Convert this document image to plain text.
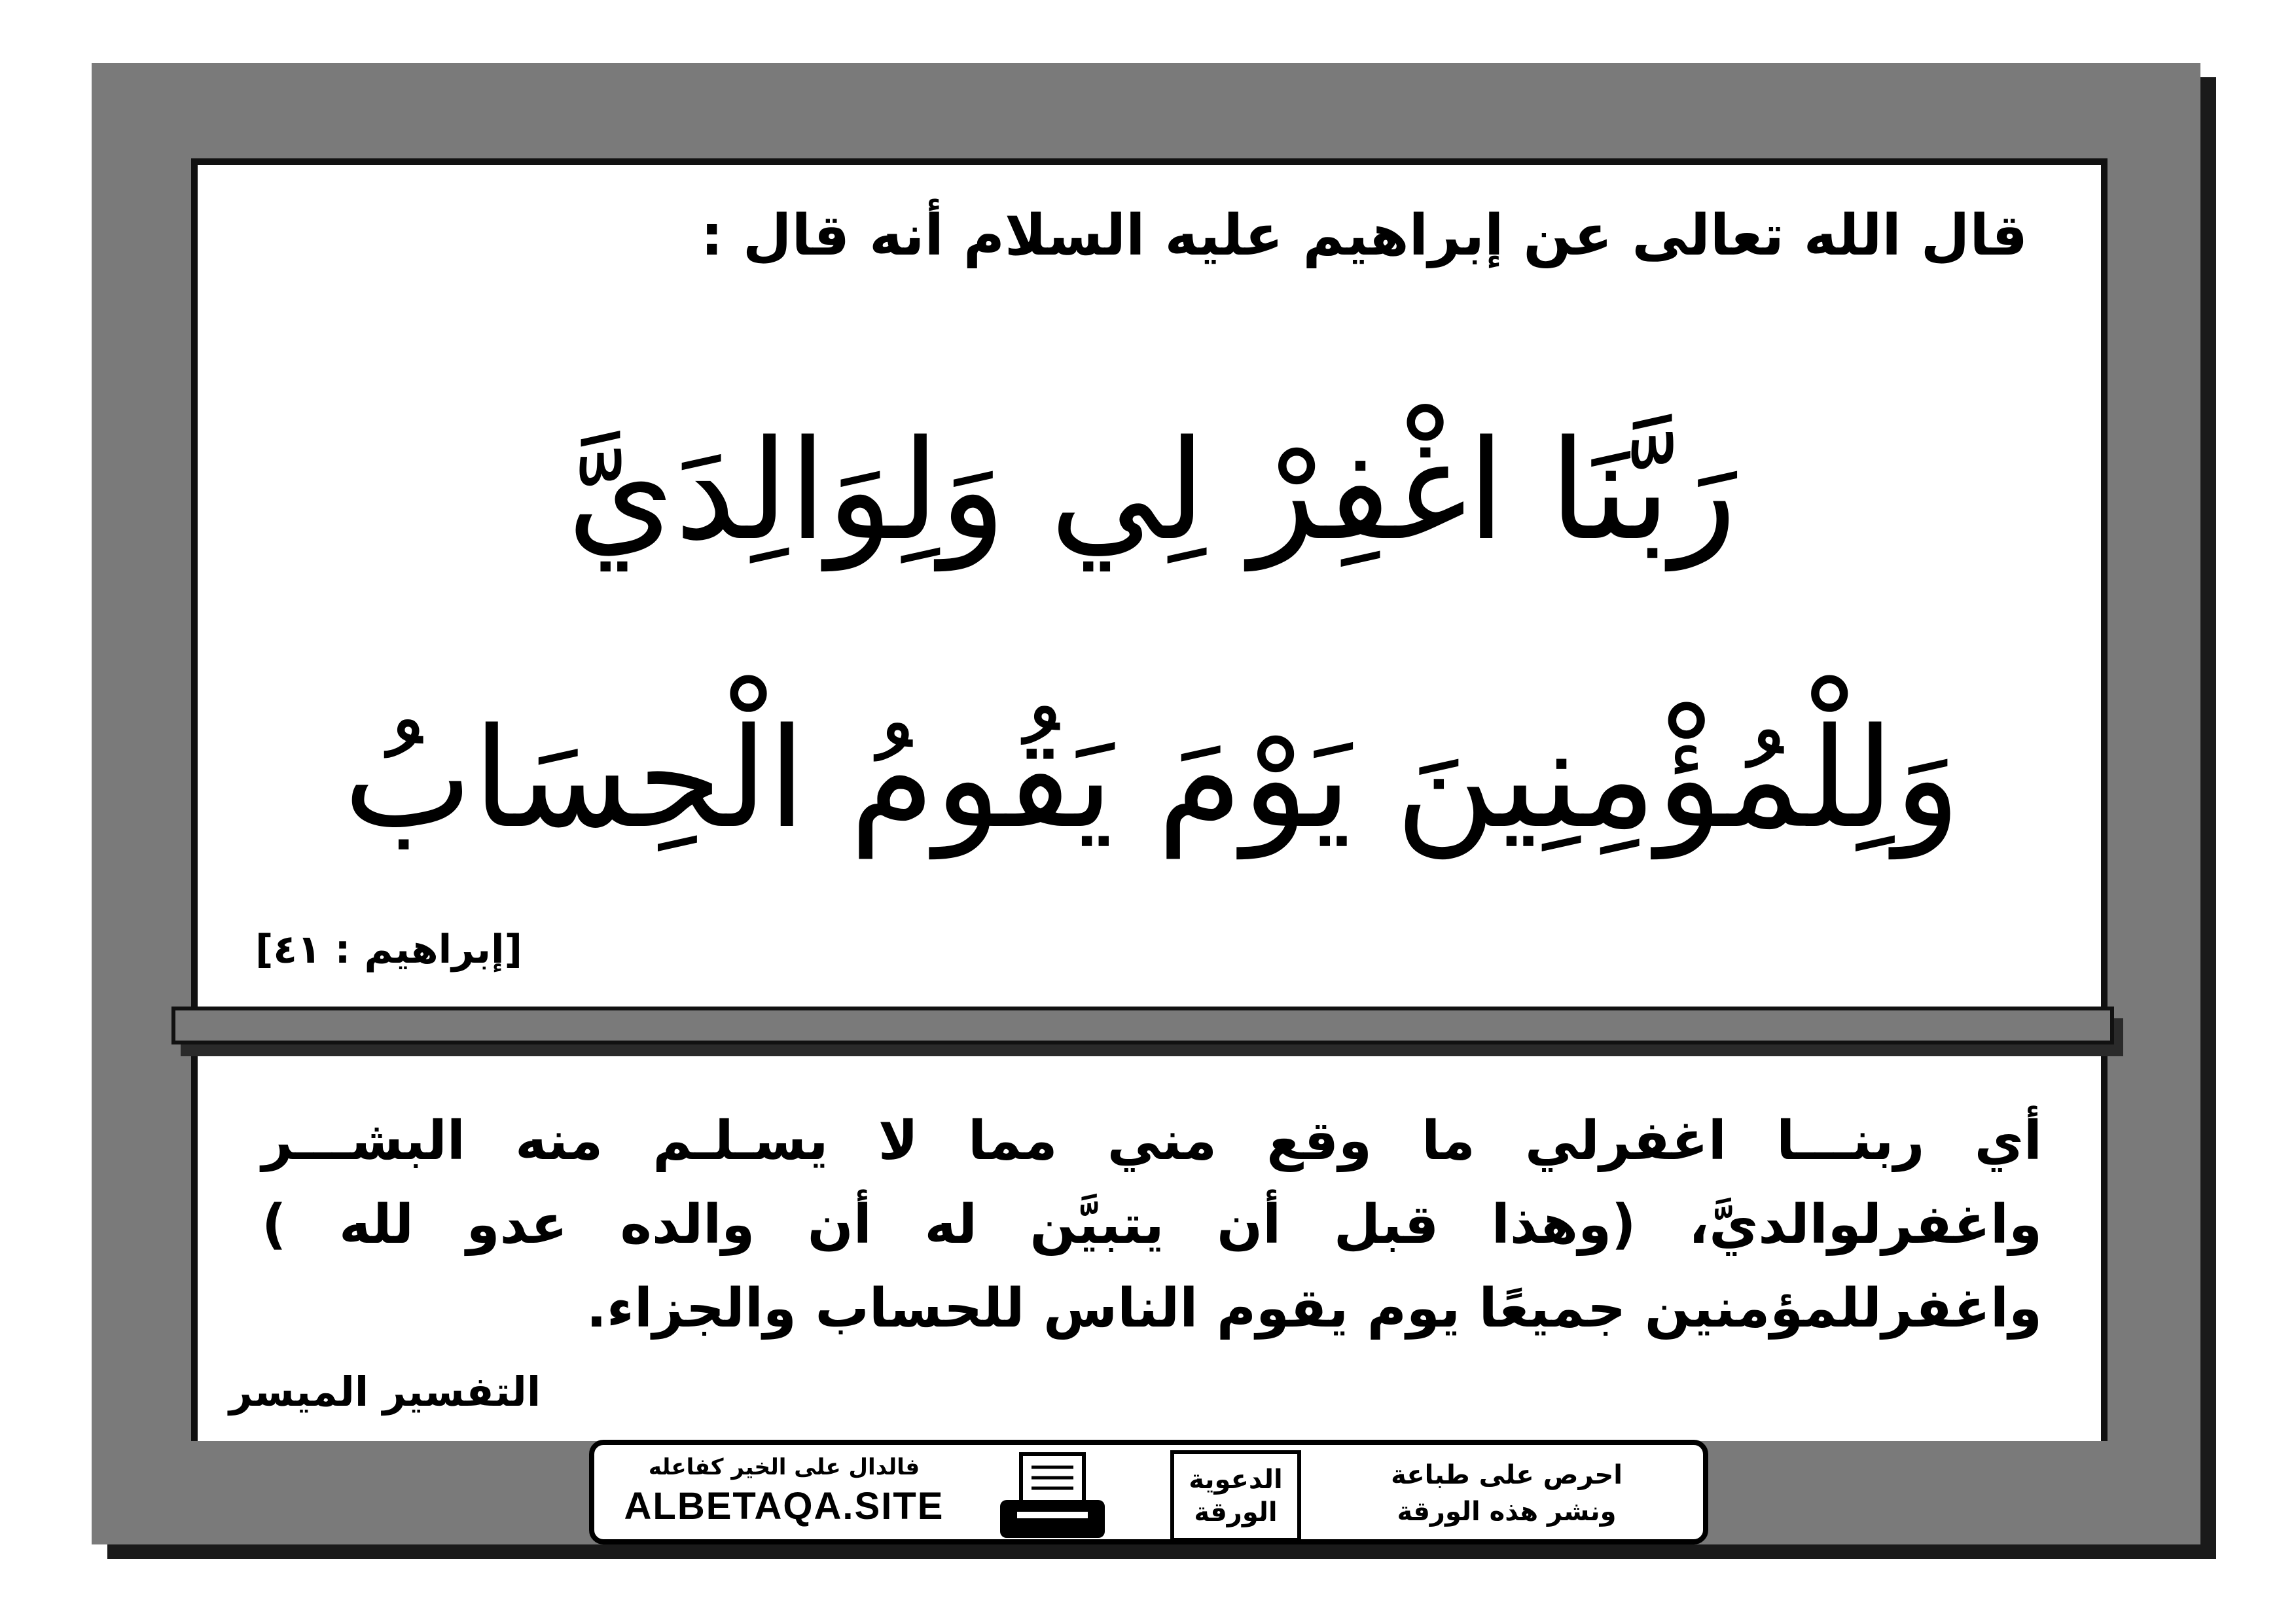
قال الله تعالى عن إبراهيم عليه السلام أنه قال :
رَبَّنَا اغْفِرْ لِي وَلِوَالِدَيَّ
وَلِلْمُؤْمِنِينَ يَوْمَ يَقُومُ الْحِسَابُ
[إبراهيم : ٤١]
أي ربنـــا اغفرلي ما وقع مني مما لا يسـلـم منه البشـــر واغفرلوالديَّ، (وهذا قبل أن يتبيَّن له أن والده عدو لله ) واغفرللمؤمنين جميعًا يوم يقوم الناس للحساب والجزاء.
التفسير الميسر
فالدال على الخير كفاعله
ALBETAQA.SITE
الدعوية
الورقة
احرص على طباعة
ونشر هذه الورقة
